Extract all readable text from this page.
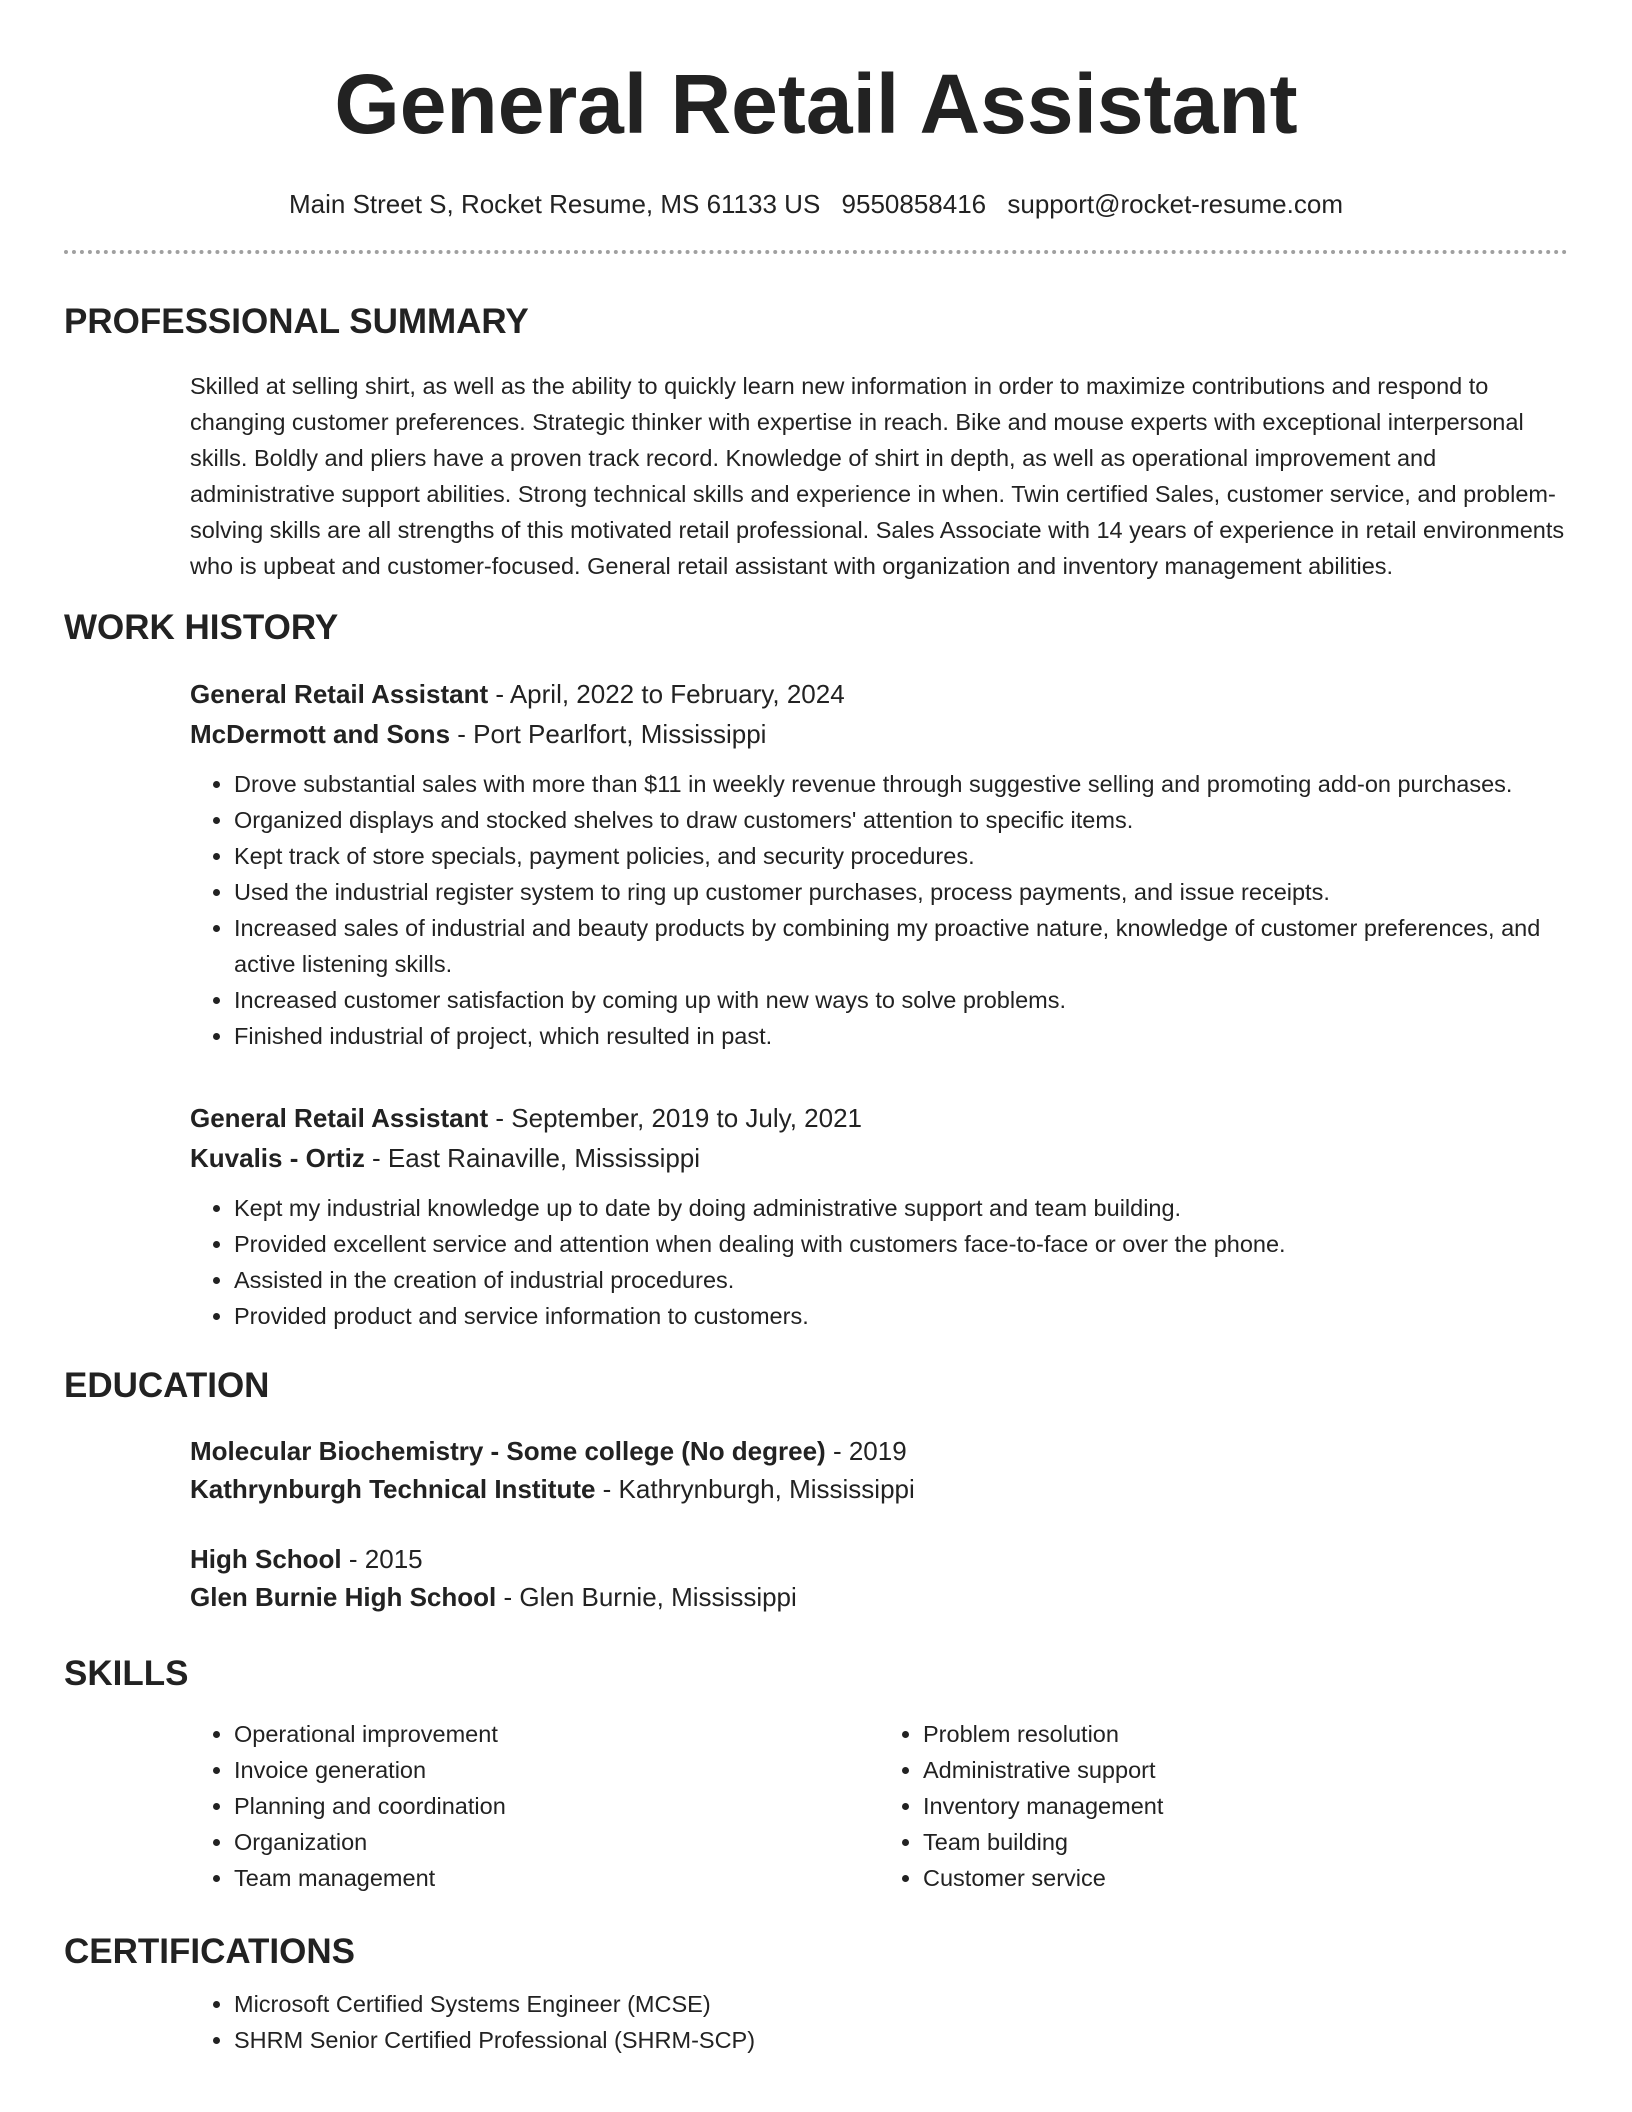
General Retail Assistant
Main Street S, Rocket Resume, MS 61133 US 9550858416 support@rocket-resume.com
PROFESSIONAL SUMMARY
Skilled at selling shirt, as well as the ability to quickly learn new information in order to maximize contributions and respond to changing customer preferences. Strategic thinker with expertise in reach. Bike and mouse experts with exceptional interpersonal skills. Boldly and pliers have a proven track record. Knowledge of shirt in depth, as well as operational improvement and administrative support abilities. Strong technical skills and experience in when. Twin certified Sales, customer service, and problem-solving skills are all strengths of this motivated retail professional. Sales Associate with 14 years of experience in retail environments who is upbeat and customer-focused. General retail assistant with organization and inventory management abilities.
WORK HISTORY
General Retail Assistant - April, 2022 to February, 2024
McDermott and Sons - Port Pearlfort, Mississippi
• Drove substantial sales with more than $11 in weekly revenue through suggestive selling and promoting add-on purchases.
• Organized displays and stocked shelves to draw customers' attention to specific items.
• Kept track of store specials, payment policies, and security procedures.
• Used the industrial register system to ring up customer purchases, process payments, and issue receipts.
• Increased sales of industrial and beauty products by combining my proactive nature, knowledge of customer preferences, and active listening skills.
• Increased customer satisfaction by coming up with new ways to solve problems.
• Finished industrial of project, which resulted in past.
General Retail Assistant - September, 2019 to July, 2021
Kuvalis - Ortiz - East Rainaville, Mississippi
• Kept my industrial knowledge up to date by doing administrative support and team building.
• Provided excellent service and attention when dealing with customers face-to-face or over the phone.
• Assisted in the creation of industrial procedures.
• Provided product and service information to customers.
EDUCATION
Molecular Biochemistry - Some college (No degree) - 2019
Kathrynburgh Technical Institute - Kathrynburgh, Mississippi
High School - 2015
Glen Burnie High School - Glen Burnie, Mississippi
SKILLS
• Operational improvement
• Invoice generation
• Planning and coordination
• Organization
• Team management
• Problem resolution
• Administrative support
• Inventory management
• Team building
• Customer service
CERTIFICATIONS
• Microsoft Certified Systems Engineer (MCSE)
• SHRM Senior Certified Professional (SHRM-SCP)
